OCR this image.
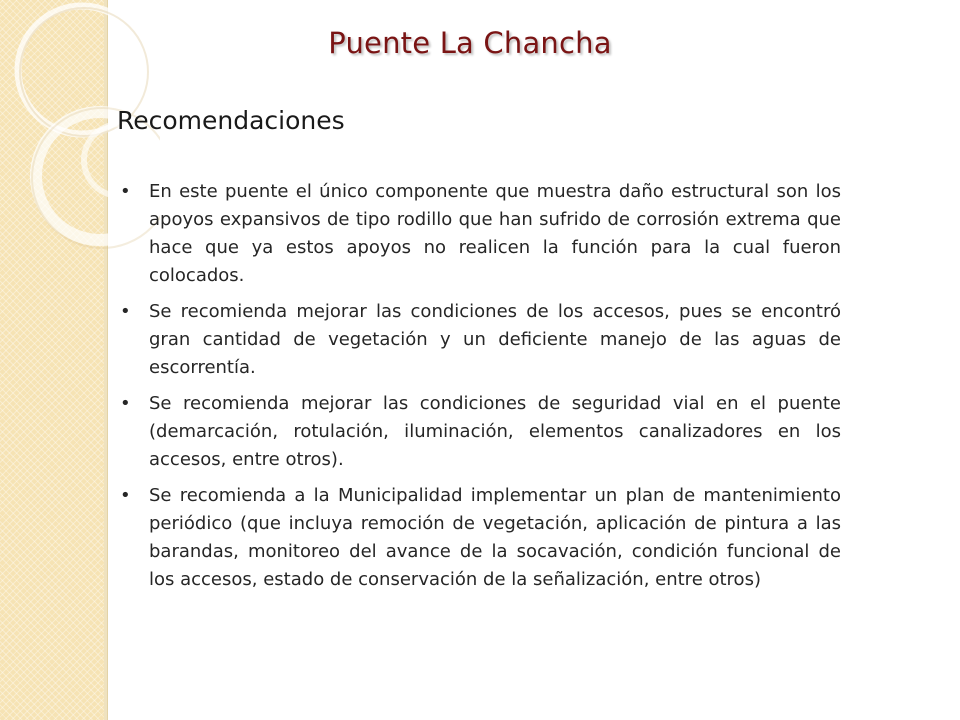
Puente La Chancha
Recomendaciones
• En este puente el único componente que muestra daño estructural son los apoyos expansivos de tipo rodillo que han sufrido de corrosión extrema que hace que ya estos apoyos no realicen la función para la cual fueron colocados.
• Se recomienda mejorar las condiciones de los accesos, pues se encontró gran cantidad de vegetación y un deficiente manejo de las aguas de escorrentía.
• Se recomienda mejorar las condiciones de seguridad vial en el puente (demarcación, rotulación, iluminación, elementos canalizadores en los accesos, entre otros).
• Se recomienda a la Municipalidad implementar un plan de mantenimiento periódico (que incluya remoción de vegetación, aplicación de pintura a las barandas, monitoreo del avance de la socavación, condición funcional de los accesos, estado de conservación de la señalización, entre otros)
